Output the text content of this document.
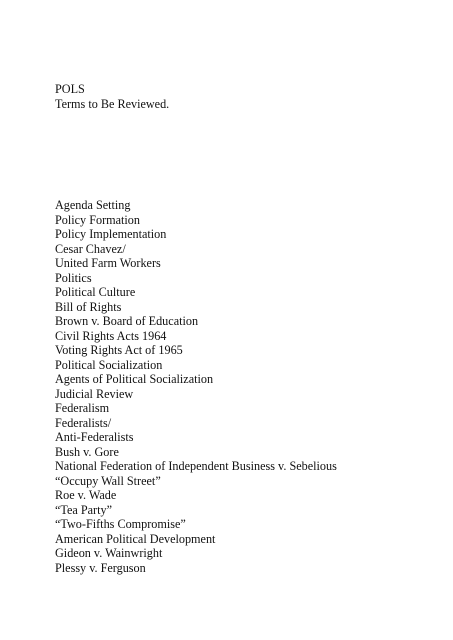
POLS
Terms to Be Reviewed.
Agenda Setting
Policy Formation
Policy Implementation
Cesar Chavez/
United Farm Workers
Politics
Political Culture
Bill of Rights
Brown v. Board of Education
Civil Rights Acts 1964
Voting Rights Act of 1965
Political Socialization
Agents of Political Socialization
Judicial Review
Federalism
Federalists/
Anti-Federalists
Bush v. Gore
National Federation of Independent Business v. Sebelious
“Occupy Wall Street”
Roe v. Wade
“Tea Party”
“Two-Fifths Compromise”
American Political Development
Gideon v. Wainwright
Plessy v. Ferguson
